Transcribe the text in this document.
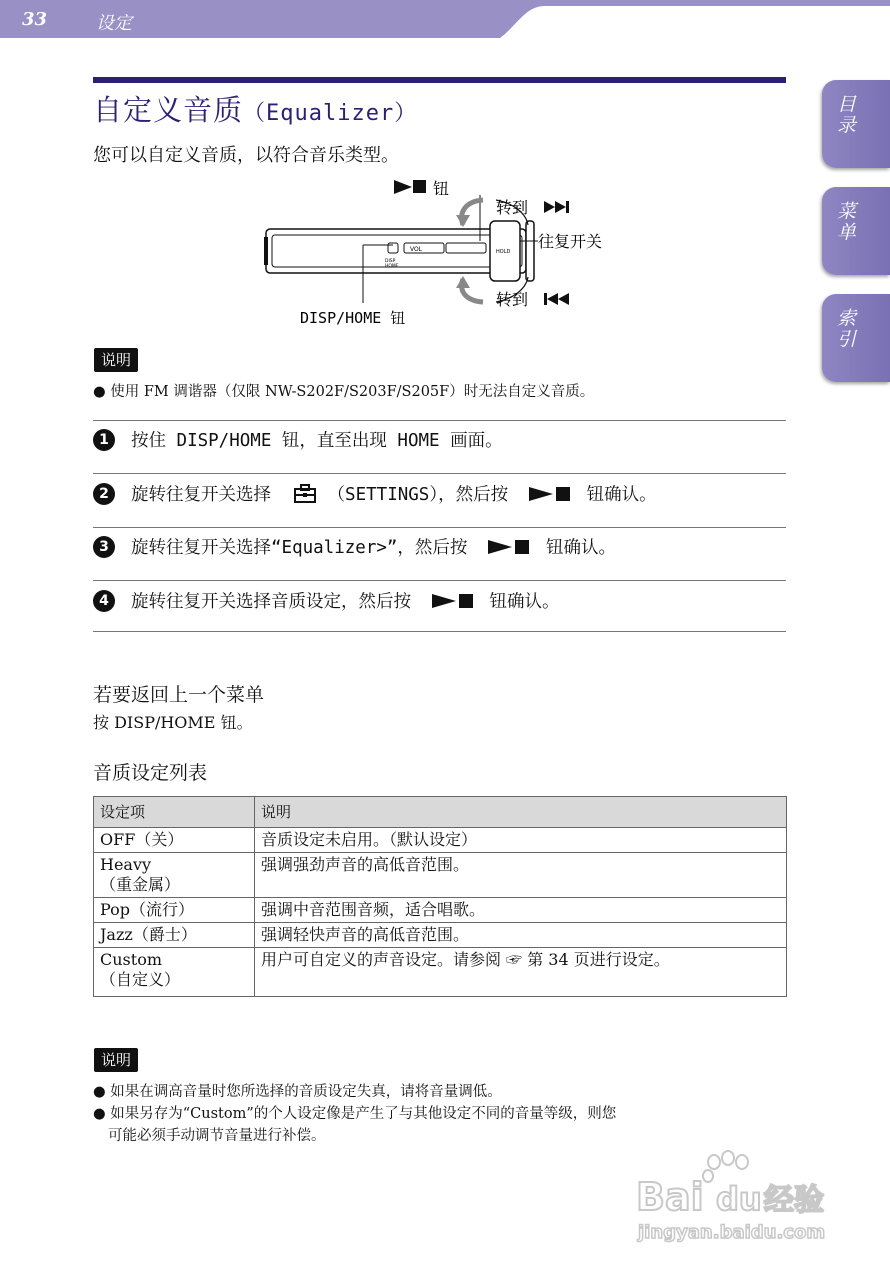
33	设定
目录
菜单
索引
自定义音质（Equalizer）
您可以自定义音质，以符合音乐类型。
VOL
DISP
HOME
HOLD
钮
转到
往复开关
转到
DISP/HOME 钮
说明
● 使用 FM 调谐器（仅限 NW-S202F/S203F/S205F）时无法自定义音质。
1 按住 DISP/HOME 钮，直至出现 HOME 画面。
2 旋转往复开关选择	（SETTINGS），然后按	钮确认。
3 旋转往复开关选择“Equalizer>”，然后按	钮确认。
4 旋转往复开关选择音质设定，然后按	钮确认。
若要返回上一个菜单
按 DISP/HOME 钮。
音质设定列表
设定项	说明
OFF（关）	音质设定未启用。（默认设定）
Heavy
（重金属）	强调强劲声音的高低音范围。
Pop（流行）	强调中音范围音频，适合唱歌。
Jazz（爵士）	强调轻快声音的高低音范围。
Custom
（自定义）	用户可自定义的声音设定。请参阅 ☞ 第 34 页进行设定。
说明
● 如果在调高音量时您所选择的音质设定失真，请将音量调低。
● 如果另存为“Custom”的个人设定像是产生了与其他设定不同的音量等级，则您
可能必须手动调节音量进行补偿。
Bai du 经验
jingyan.baidu.com
